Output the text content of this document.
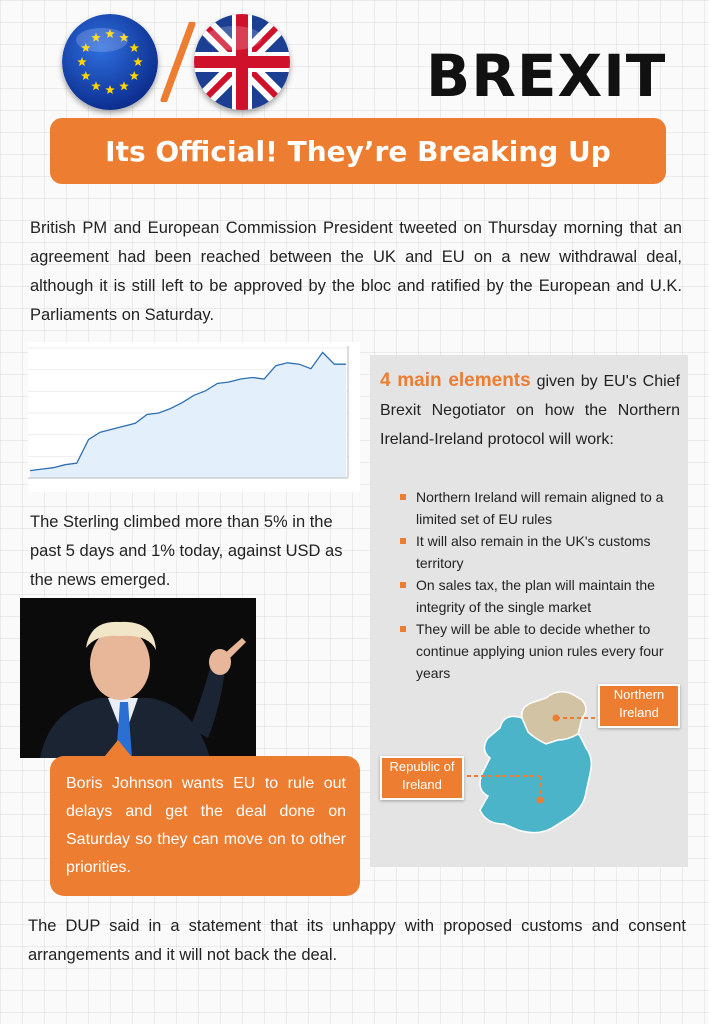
BREXIT
Its Official! They’re Breaking Up
British PM and European Commission President tweeted on Thursday morning that an agreement had been reached between the UK and EU on a new withdrawal deal, although it is still left to be approved by the bloc and ratified by the European and U.K. Parliaments on Saturday.
The Sterling climbed more than 5% in the past 5 days and 1% today, against USD as the news emerged.

Boris Johnson wants EU to rule out delays and get the deal done on Saturday so they can move on to other priorities.

4 main elements given by EU's Chief Brexit Negotiator on how the Northern Ireland-Ireland protocol will work:
Northern Ireland will remain aligned to a limited set of EU rules
It will also remain in the UK's customs territory
On sales tax, the plan will maintain the integrity of the single market
They will be able to decide whether to continue applying union rules every four years
Northern Ireland
Republic of Ireland
The DUP said in a statement that its unhappy with proposed customs and consent arrangements and it will not back the deal.
